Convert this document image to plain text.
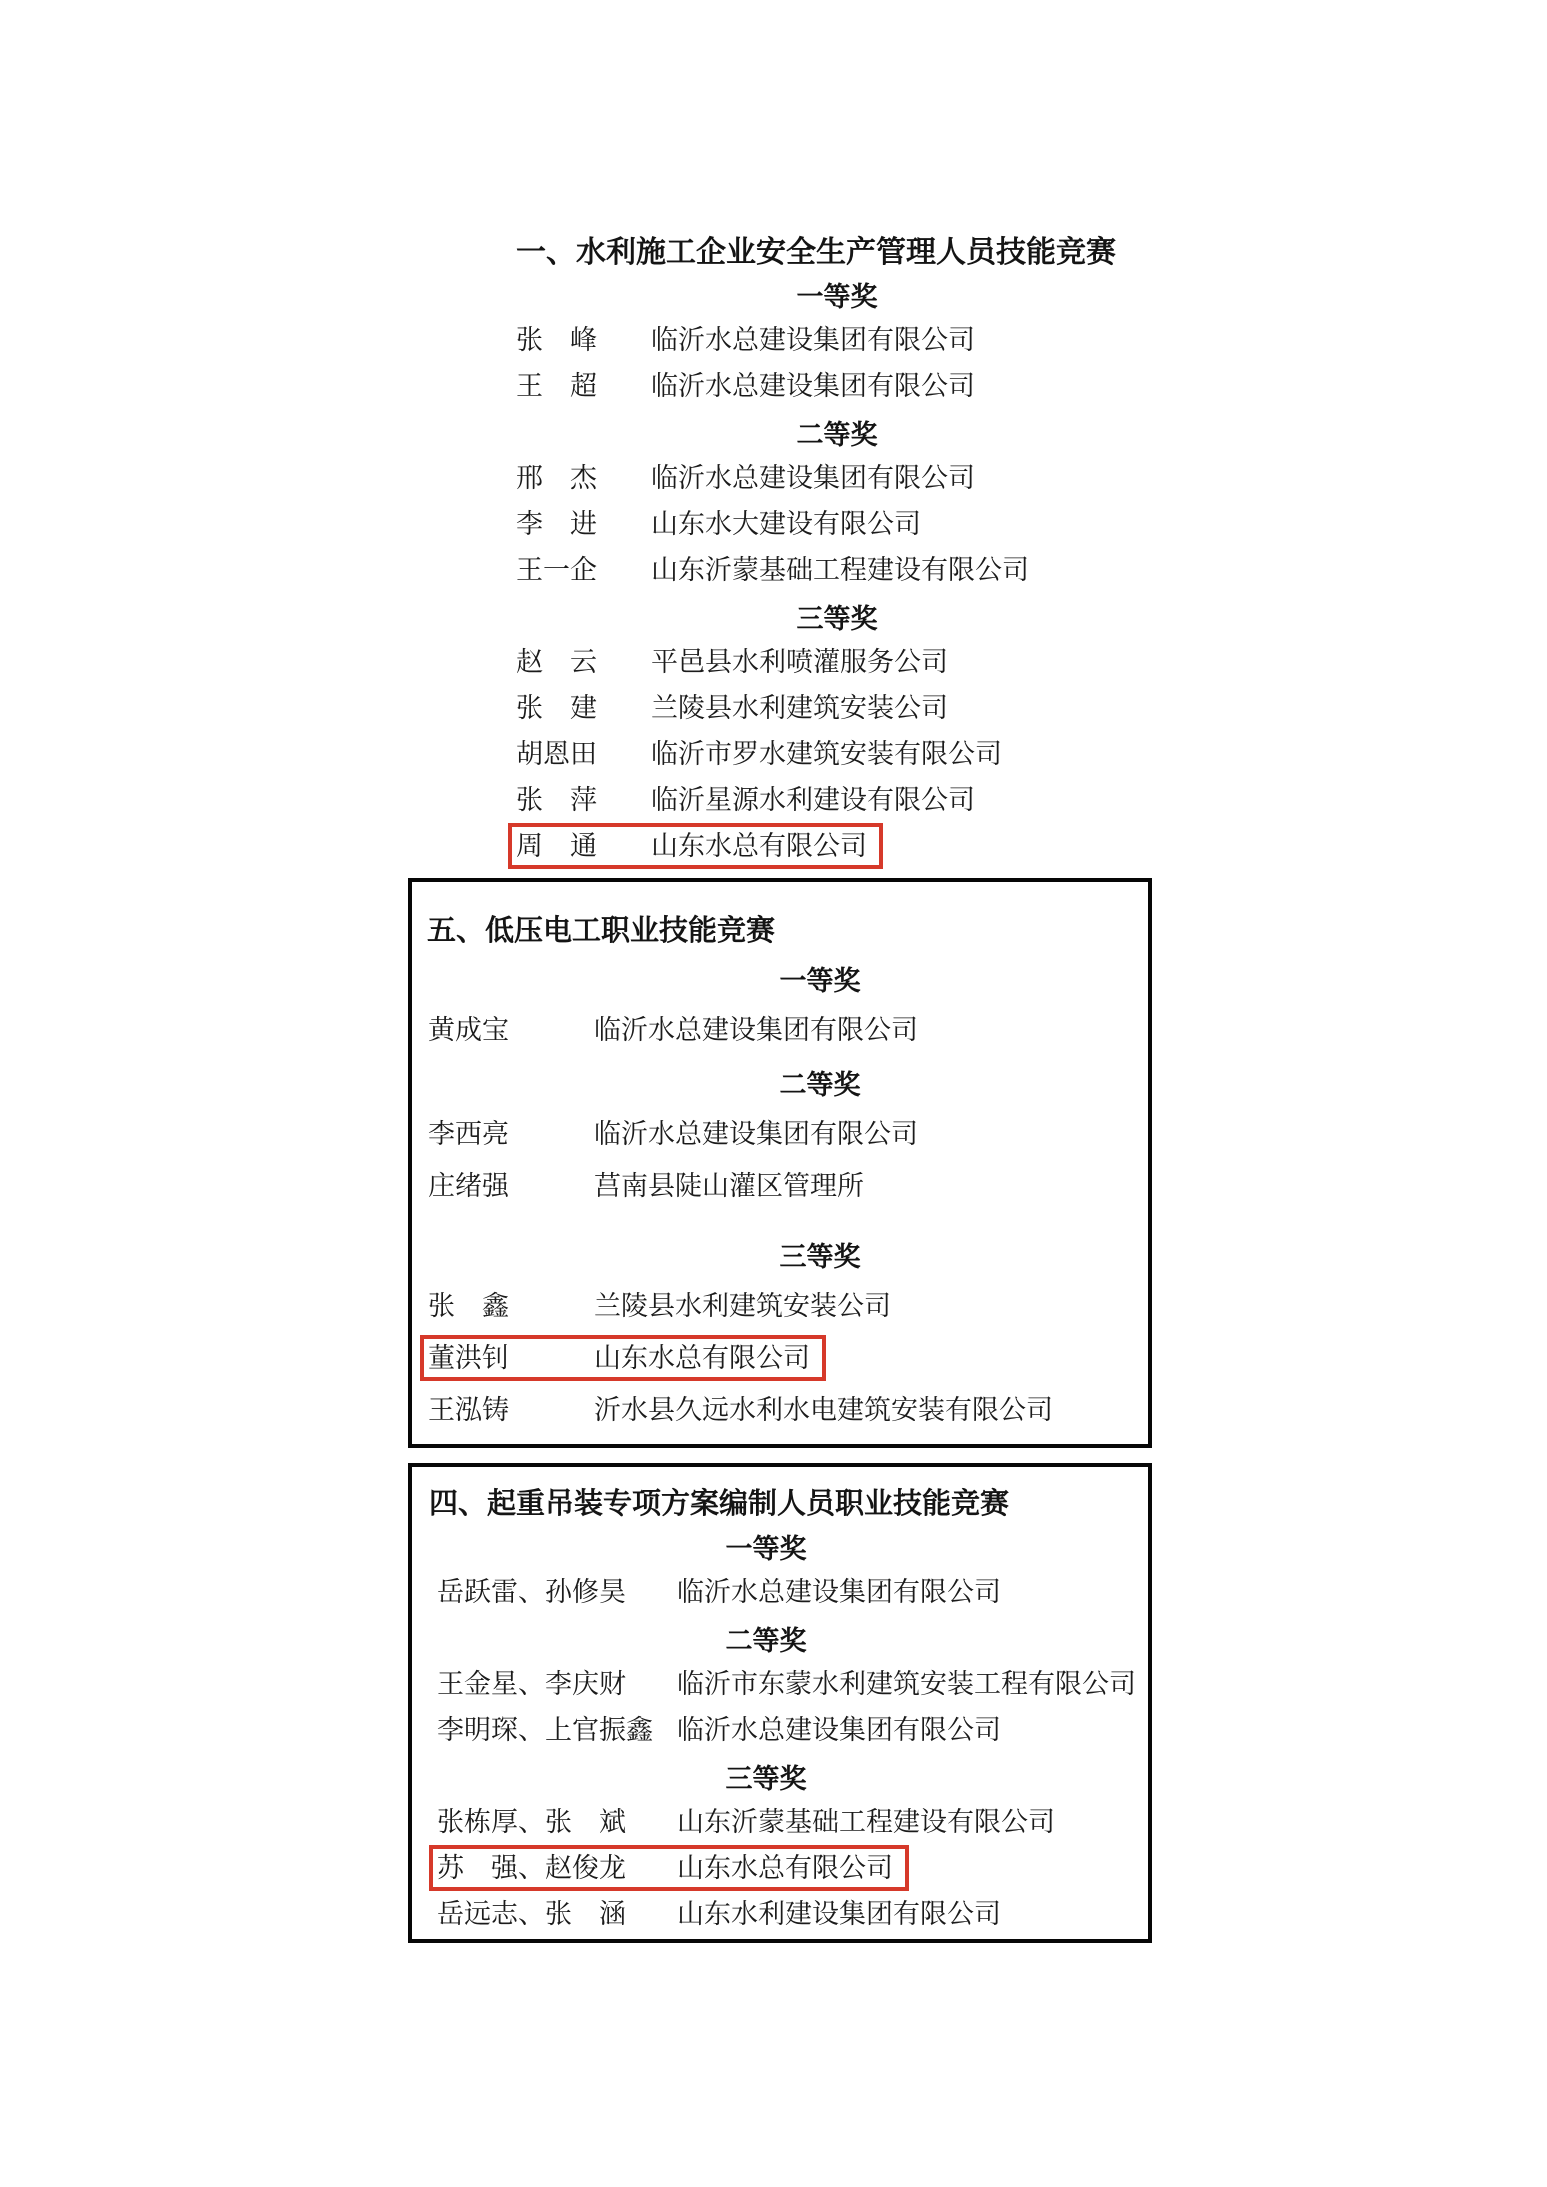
一、水利施工企业安全生产管理人员技能竞赛
一等奖
张　峰	临沂水总建设集团有限公司
王　超	临沂水总建设集团有限公司
二等奖
邢　杰	临沂水总建设集团有限公司
李　进	山东水大建设有限公司
王一企	山东沂蒙基础工程建设有限公司
三等奖
赵　云	平邑县水利喷灌服务公司
张　建	兰陵县水利建筑安装公司
胡恩田	临沂市罗水建筑安装有限公司
张　萍	临沂星源水利建设有限公司
周　通	山东水总有限公司
五、低压电工职业技能竞赛
一等奖
黄成宝	临沂水总建设集团有限公司
二等奖
李西亮	临沂水总建设集团有限公司
庄绪强	莒南县陡山灌区管理所
三等奖
张　鑫	兰陵县水利建筑安装公司
董洪钊	山东水总有限公司
王泓铸	沂水县久远水利水电建筑安装有限公司
四、起重吊装专项方案编制人员职业技能竞赛
一等奖
岳跃雷、孙修昊	临沂水总建设集团有限公司
二等奖
王金星、李庆财	临沂市东蒙水利建筑安装工程有限公司
李明琛、上官振鑫 临沂水总建设集团有限公司
三等奖
张栋厚、张　斌	山东沂蒙基础工程建设有限公司
苏　强、赵俊龙	山东水总有限公司
岳远志、张　涵	山东水利建设集团有限公司
